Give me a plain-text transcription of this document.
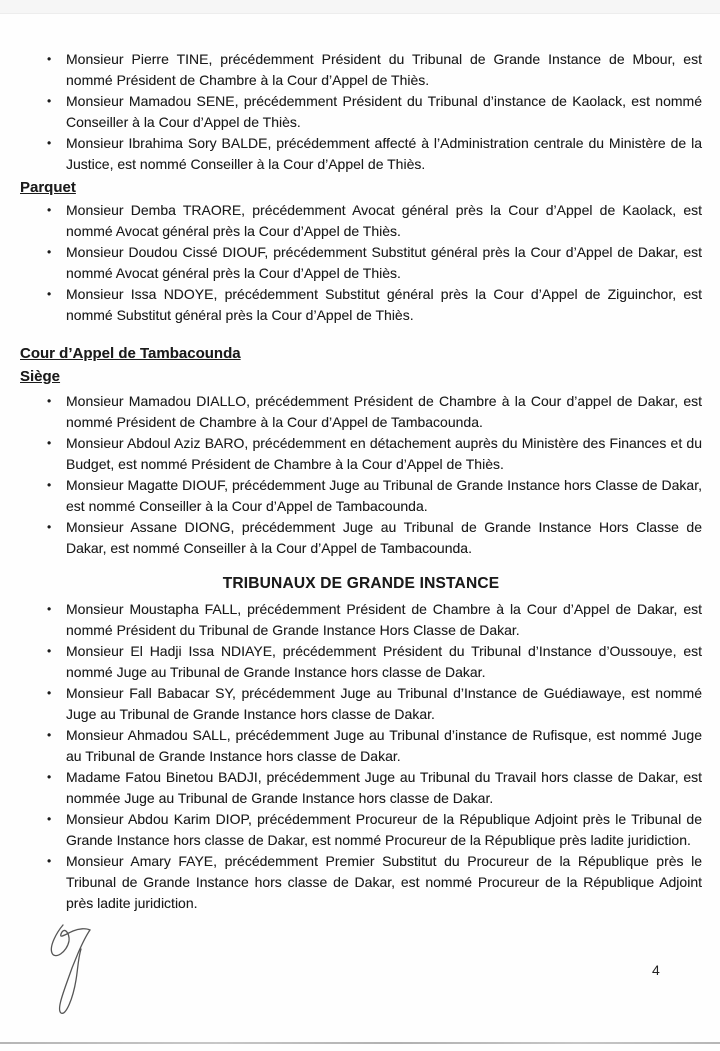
•	Monsieur Pierre TINE, précédemment Président du Tribunal de Grande Instance de Mbour, est nommé Président de Chambre à la Cour d’Appel de Thiès.
•	Monsieur Mamadou SENE, précédemment Président du Tribunal d’instance de Kaolack, est nommé Conseiller à la Cour d’Appel de Thiès.
•	Monsieur Ibrahima Sory BALDE, précédemment affecté à l’Administration centrale du Ministère de la Justice, est nommé Conseiller à la Cour d’Appel de Thiès.
Parquet
•	Monsieur Demba TRAORE, précédemment Avocat général près la Cour d’Appel de Kaolack, est nommé Avocat général près la Cour d’Appel de Thiès.
•	Monsieur Doudou Cissé DIOUF, précédemment Substitut général près la Cour d’Appel de Dakar, est nommé Avocat général près la Cour d’Appel de Thiès.
•	Monsieur Issa NDOYE, précédemment Substitut général près la Cour d’Appel de Ziguinchor, est nommé Substitut général près la Cour d’Appel de Thiès.
Cour d’Appel de Tambacounda
Siège
•	Monsieur Mamadou DIALLO, précédemment Président de Chambre à la Cour d’appel de Dakar, est nommé Président de Chambre à la Cour d’Appel de Tambacounda.
•	Monsieur Abdoul Aziz BARO, précédemment en détachement auprès du Ministère des Finances et du Budget, est nommé Président de Chambre à la Cour d’Appel de Thiès.
•	Monsieur Magatte DIOUF, précédemment Juge au Tribunal de Grande Instance hors Classe de Dakar, est nommé Conseiller à la Cour d’Appel de Tambacounda.
•	Monsieur Assane DIONG, précédemment Juge au Tribunal de Grande Instance Hors Classe de Dakar, est nommé Conseiller à la Cour d’Appel de Tambacounda.
TRIBUNAUX DE GRANDE INSTANCE
•	Monsieur Moustapha FALL, précédemment Président de Chambre à la Cour d’Appel de Dakar, est nommé Président du Tribunal de Grande Instance Hors Classe de Dakar.
•	Monsieur El Hadji Issa NDIAYE, précédemment Président du Tribunal d’Instance d’Oussouye, est nommé Juge au Tribunal de Grande Instance hors classe de Dakar.
•	Monsieur Fall Babacar SY, précédemment Juge au Tribunal d’Instance de Guédiawaye, est nommé Juge au Tribunal de Grande Instance hors classe de Dakar.
•	Monsieur Ahmadou SALL, précédemment Juge au Tribunal d’instance de Rufisque, est nommé Juge au Tribunal de Grande Instance hors classe de Dakar.
•	Madame Fatou Binetou BADJI, précédemment Juge au Tribunal du Travail hors classe de Dakar, est nommée Juge au Tribunal de Grande Instance hors classe de Dakar.
•	Monsieur Abdou Karim DIOP, précédemment Procureur de la République Adjoint près le Tribunal de Grande Instance hors classe de Dakar, est nommé Procureur de la République près ladite juridiction.
•	Monsieur Amary FAYE, précédemment Premier Substitut du Procureur de la République près le Tribunal de Grande Instance hors classe de Dakar, est nommé Procureur de la République Adjoint près ladite juridiction.
4
